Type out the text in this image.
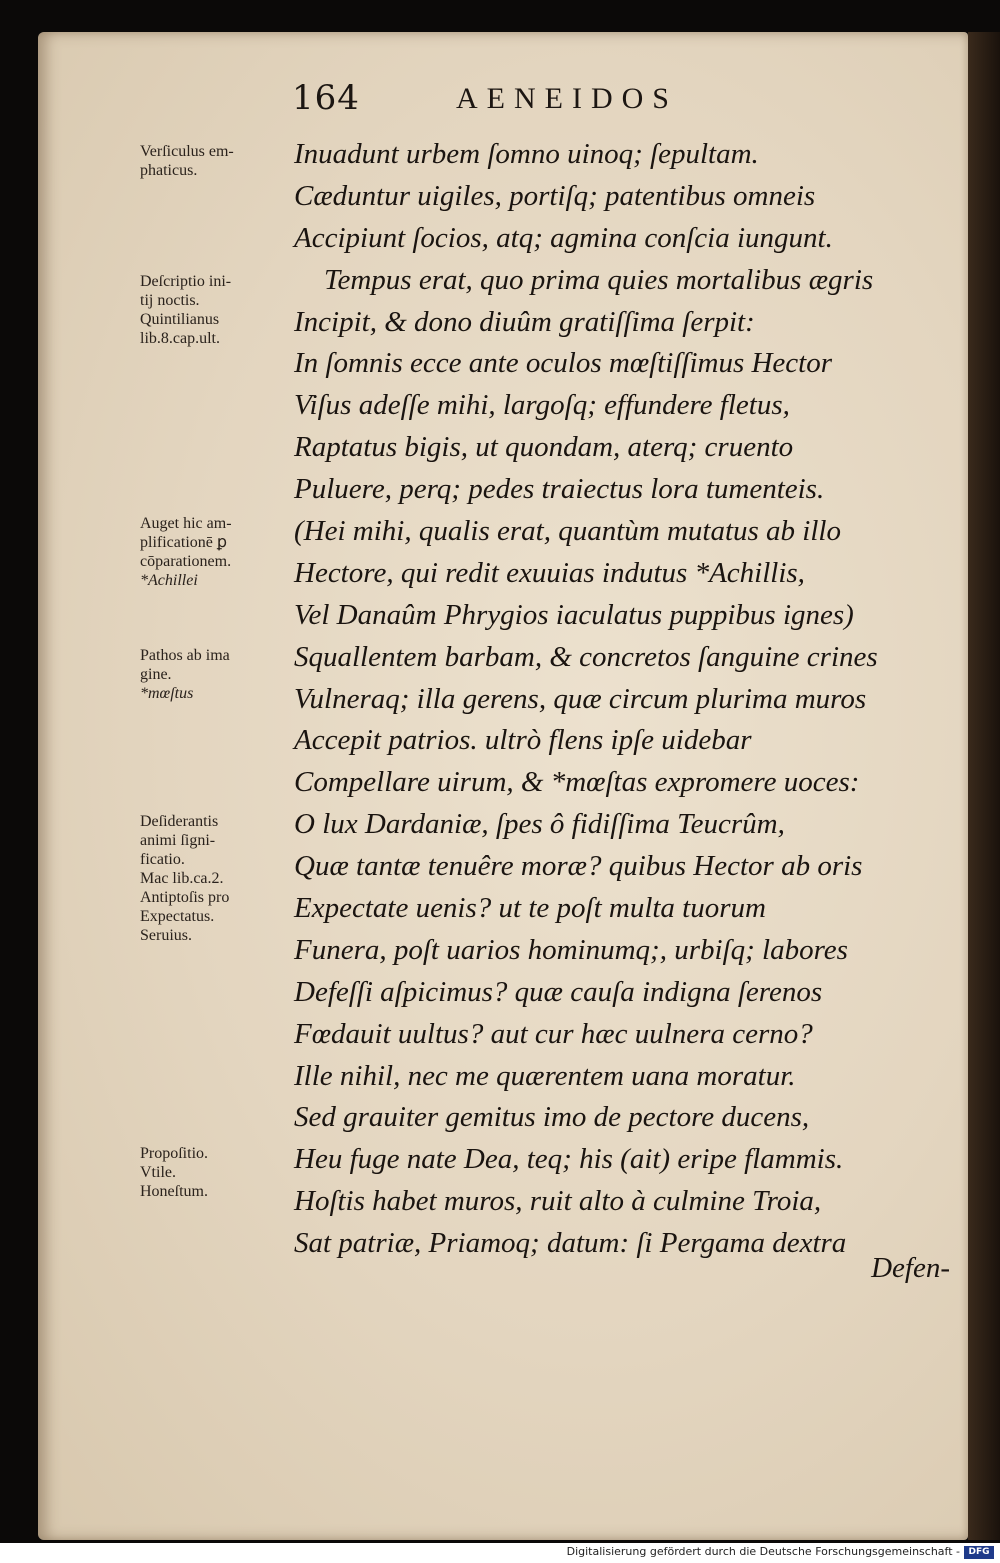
164	AENEIDOS
Inuadunt urbem ſomno uinoq; ſepultam.
Cæduntur uigiles, portiſq; patentibus omneis
Accipiunt ſocios, atq; agmina conſcia iungunt.
Tempus erat, quo prima quies mortalibus ægris
Incipit, & dono diuûm gratiſſima ſerpit:
In ſomnis ecce ante oculos mœſtiſſimus Hector
Viſus adeſſe mihi, largoſq; effundere fletus,
Raptatus bigis, ut quondam, aterq; cruento
Puluere, perq; pedes traiectus lora tumenteis.
(Hei mihi, qualis erat, quantùm mutatus ab illo
Hectore, qui redit exuuias indutus *Achillis,
Vel Danaûm Phrygios iaculatus puppibus ignes)
Squallentem barbam, & concretos ſanguine crines
Vulneraq; illa gerens, quæ circum plurima muros
Accepit patrios. ultrò flens ipſe uidebar
Compellare uirum, & *mœſtas expromere uoces:
O lux Dardaniæ, ſpes ô fidiſſima Teucrûm,
Quæ tantæ tenuêre moræ? quibus Hector ab oris
Expectate uenis? ut te poſt multa tuorum
Funera, poſt uarios hominumq;, urbiſq; labores
Defeſſi aſpicimus? quæ cauſa indigna ſerenos
Fœdauit uultus? aut cur hæc uulnera cerno?
Ille nihil, nec me quærentem uana moratur.
Sed grauiter gemitus imo de pectore ducens,
Heu fuge nate Dea, teq; his (ait) eripe flammis.
Hoſtis habet muros, ruit alto à culmine Troia,
Sat patriæ, Priamoq; datum: ſi Pergama dextra
Defen-
Verſiculus em-
phaticus.
Deſcriptio ini-
tij noctis.
Quintilianus
lib.8.cap.ult.
Auget hic am-
plificationē ꝑ
cōparationem.
*Achillei
Pathos ab ima
gine.
*mœſtus
Deſiderantis
animi ſigni-
ficatio.
Mac lib.ca.2.
Antiptoſis pro
Expectatus.
Seruius.
Propoſitio.
Vtile.
Honeſtum.
Digitalisierung gefördert durch die Deutsche Forschungsgemeinschaft - DFG
